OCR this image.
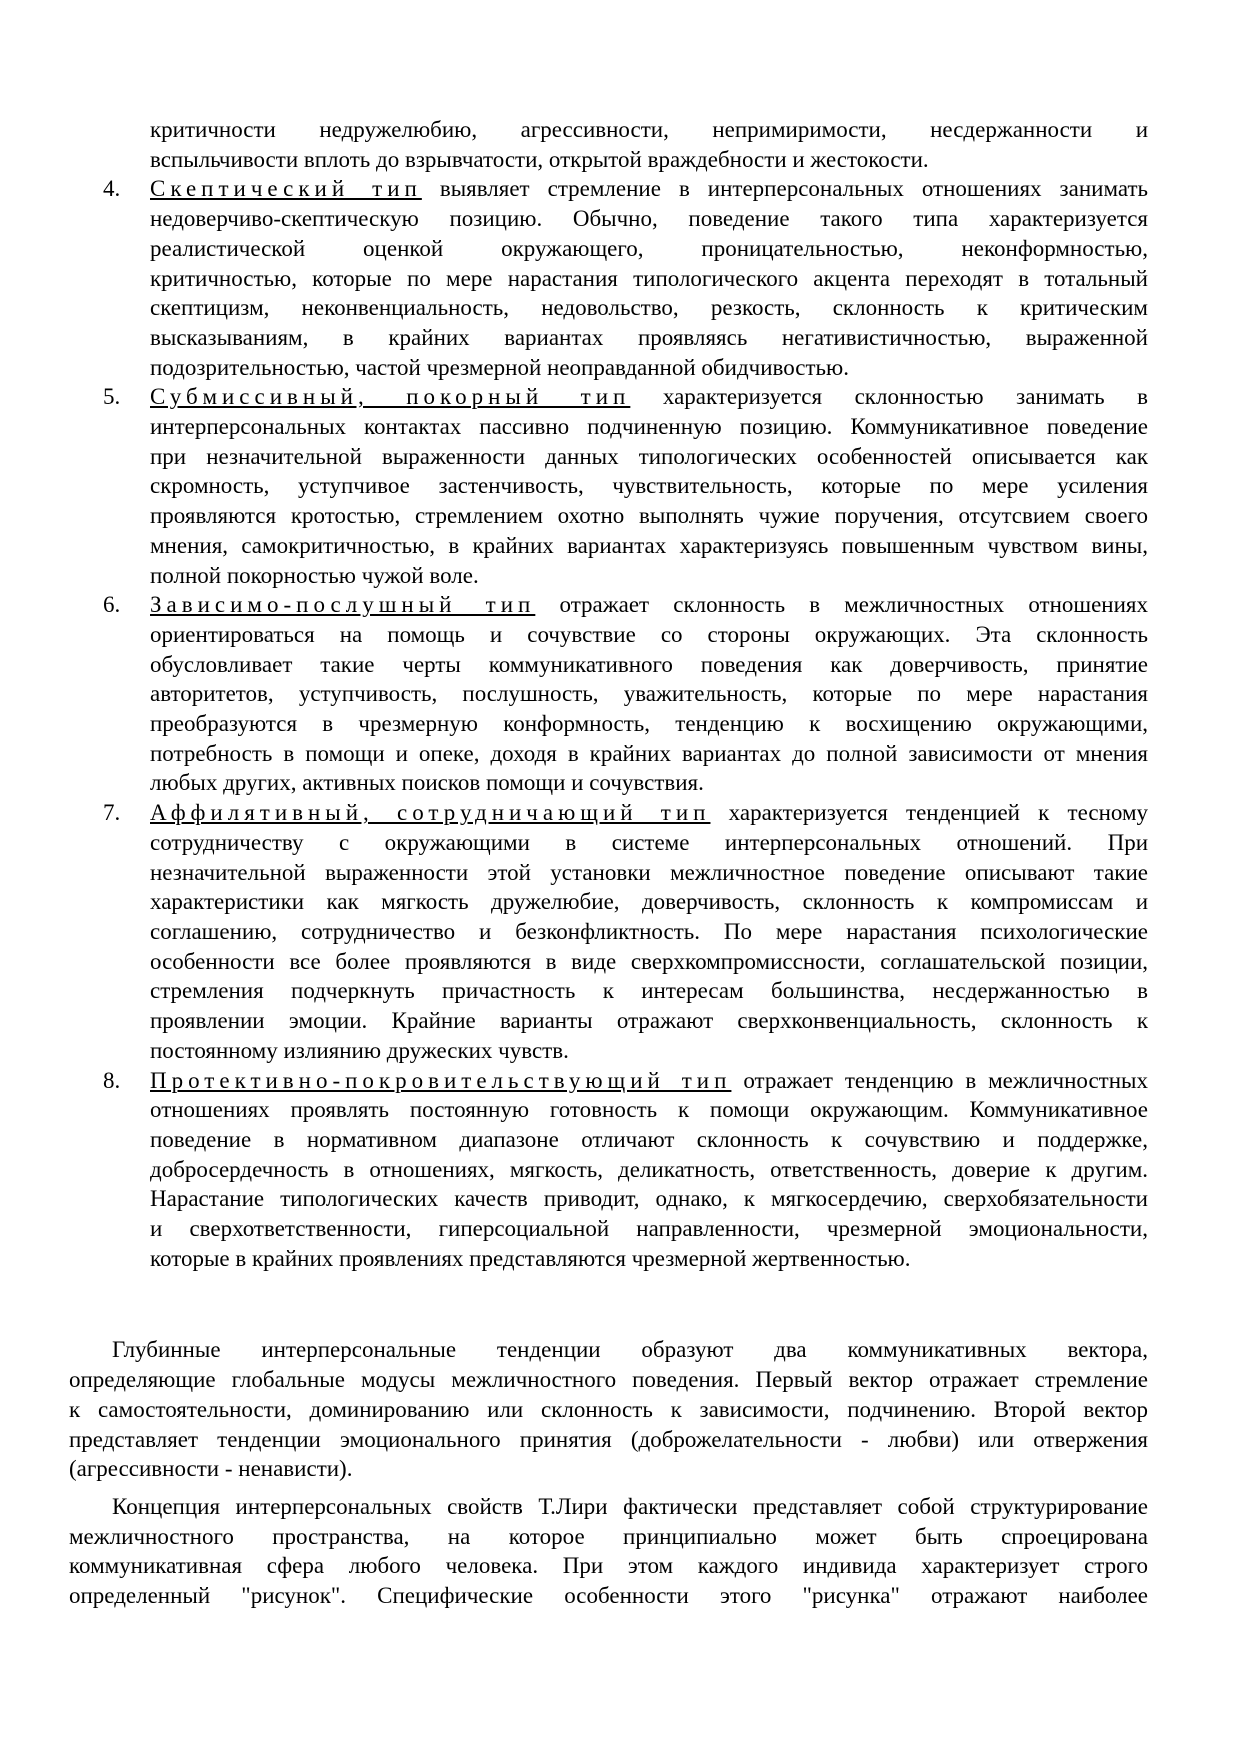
критичности недружелюбию, агрессивности, непримиримости, несдержанности и
вспыльчивости вплоть до взрывчатости, открытой враждебности и жестокости.
4. Скептический тип выявляет стремление в интерперсональных отношениях занимать
недоверчиво-скептическую позицию. Обычно, поведение такого типа характеризуется
реалистической оценкой окружающего, проницательностью, неконформностью,
критичностью, которые по мере нарастания типологического акцента переходят в тотальный
скептицизм, неконвенциальность, недовольство, резкость, склонность к критическим
высказываниям, в крайних вариантах проявляясь негативистичностью, выраженной
подозрительностью, частой чрезмерной неоправданной обидчивостью.
5. Субмиссивный, покорный тип характеризуется склонностью занимать в
интерперсональных контактах пассивно подчиненную позицию. Коммуникативное поведение
при незначительной выраженности данных типологических особенностей описывается как
скромность, уступчивое застенчивость, чувствительность, которые по мере усиления
проявляются кротостью, стремлением охотно выполнять чужие поручения, отсутсвием своего
мнения, самокритичностью, в крайних вариантах характеризуясь повышенным чувством вины,
полной покорностью чужой воле.
6. Зависимо-послушный тип отражает склонность в межличностных отношениях
ориентироваться на помощь и сочувствие со стороны окружающих. Эта склонность
обусловливает такие черты коммуникативного поведения как доверчивость, принятие
авторитетов, уступчивость, послушность, уважительность, которые по мере нарастания
преобразуются в чрезмерную конформность, тенденцию к восхищению окружающими,
потребность в помощи и опеке, доходя в крайних вариантах до полной зависимости от мнения
любых других, активных поисков помощи и сочувствия.
7. Аффилятивный, сотрудничающий тип характеризуется тенденцией к тесному
сотрудничеству с окружающими в системе интерперсональных отношений. При
незначительной выраженности этой установки межличностное поведение описывают такие
характеристики как мягкость дружелюбие, доверчивость, склонность к компромиссам и
соглашению, сотрудничество и безконфликтность. По мере нарастания психологические
особенности все более проявляются в виде сверхкомпромиссности, соглашательской позиции,
стремления подчеркнуть причастность к интересам большинства, несдержанностью в
проявлении эмоции. Крайние варианты отражают сверхконвенциальность, склонность к
постоянному излиянию дружеских чувств.
8. Протективно-покровительствующий тип отражает тенденцию в межличностных
отношениях проявлять постоянную готовность к помощи окружающим. Коммуникативное
поведение в нормативном диапазоне отличают склонность к сочувствию и поддержке,
добросердечность в отношениях, мягкость, деликатность, ответственность, доверие к другим.
Нарастание типологических качеств приводит, однако, к мягкосердечию, сверхобязательности
и сверхответственности, гиперсоциальной направленности, чрезмерной эмоциональности,
которые в крайних проявлениях представляются чрезмерной жертвенностью.
Глубинные интерперсональные тенденции образуют два коммуникативных вектора,
определяющие глобальные модусы межличностного поведения. Первый вектор отражает стремление
к самостоятельности, доминированию или склонность к зависимости, подчинению. Второй вектор
представляет тенденции эмоционального принятия (доброжелательности - любви) или отвержения
(агрессивности - ненависти).
Концепция интерперсональных свойств Т.Лири фактически представляет собой структурирование
межличностного пространства, на которое принципиально может быть спроецирована
коммуникативная сфера любого человека. При этом каждого индивида характеризует строго
определенный "рисунок". Специфические особенности этого "рисунка" отражают наиболее
